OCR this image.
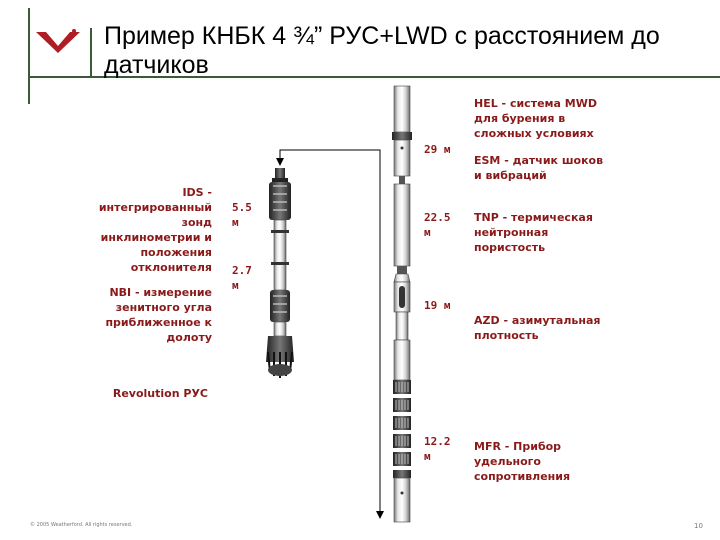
Пример КНБК 4 ¾” РУС+LWD с расстоянием до датчиков
IDS -
интегрированный
зонд
инклинометрии и
положения
отклонителя
NBI - измерение
зенитного угла
приближенное к
долоту
Revolution РУС
5.5
м
2.7
м
29 м
22.5
м
19 м
12.2
м
HEL - система MWD
для бурения в
сложных условиях
ESM - датчик шоков
и вибраций
TNP - термическая
нейтронная
пористость
AZD - азимутальная
плотность
MFR - Прибор
удельного
сопротивления
© 2005 Weatherford. All rights reserved.	10
